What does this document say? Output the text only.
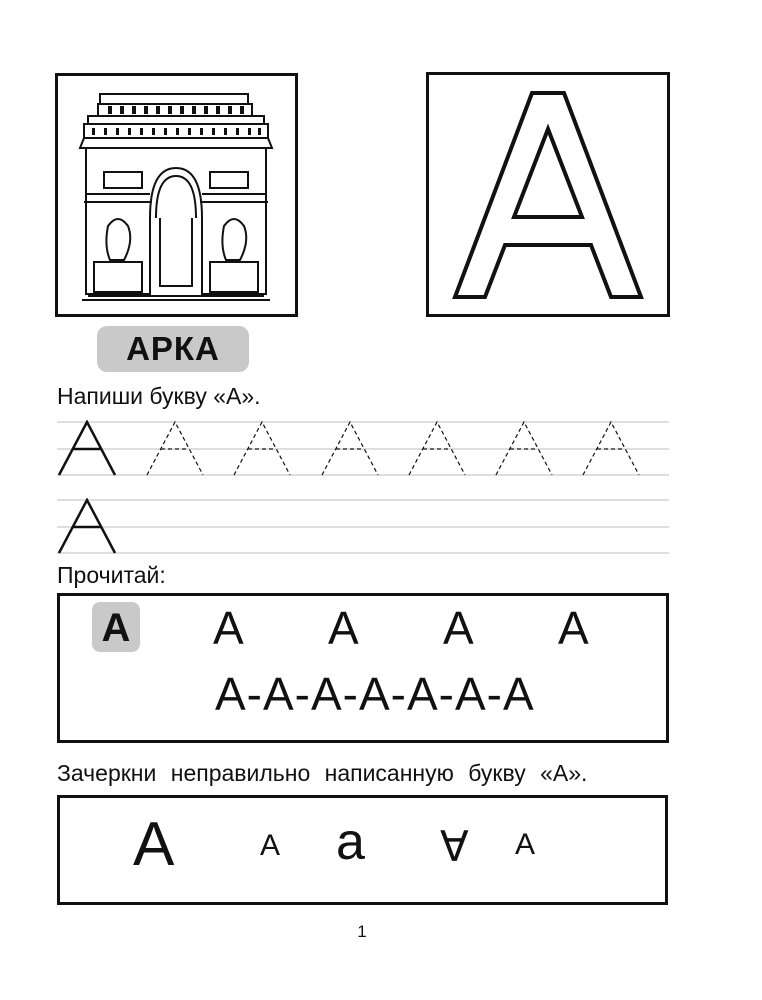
АРКА
Напиши букву «А».
Прочитай:
А А А А А
А-А-А-А-А-А-А
Зачеркни неправильно написанную букву «А».
А	А а ∀ А
1
